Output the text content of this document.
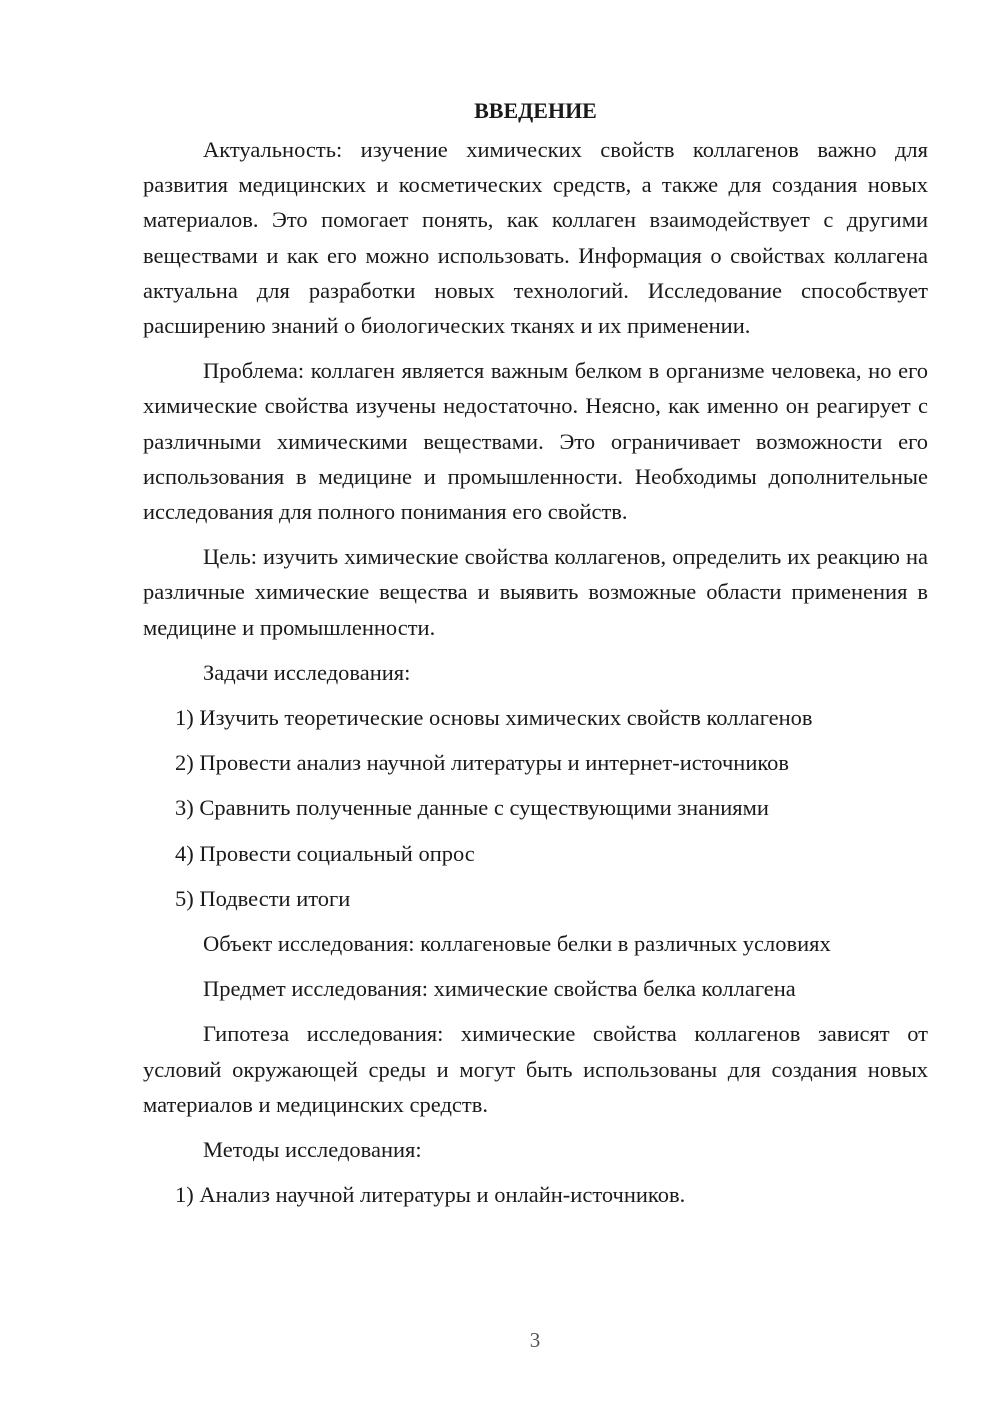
ВВЕДЕНИЕ

Актуальность: изучение химических свойств коллагенов важно для развития медицинских и косметических средств, а также для создания новых материалов. Это помогает понять, как коллаген взаимодействует с другими веществами и как его можно использовать. Информация о свойствах коллагена актуальна для разработки новых технологий. Исследование способствует расширению знаний о биологических тканях и их применении.

Проблема: коллаген является важным белком в организме человека, но его химические свойства изучены недостаточно. Неясно, как именно он реагирует с различными химическими веществами. Это ограничивает возможности его использования в медицине и промышленности. Необходимы дополнительные исследования для полного понимания его свойств.

Цель: изучить химические свойства коллагенов, определить их реакцию на различные химические вещества и выявить возможные области применения в медицине и промышленности.

Задачи исследования:

1) Изучить теоретические основы химических свойств коллагенов

2) Провести анализ научной литературы и интернет-источников

3) Сравнить полученные данные с существующими знаниями

4) Провести социальный опрос

5) Подвести итоги

Объект исследования: коллагеновые белки в различных условиях

Предмет исследования: химические свойства белка коллагена

Гипотеза исследования: химические свойства коллагенов зависят от условий окружающей среды и могут быть использованы для создания новых материалов и медицинских средств.

Методы исследования:

1) Анализ научной литературы и онлайн-источников.

3
